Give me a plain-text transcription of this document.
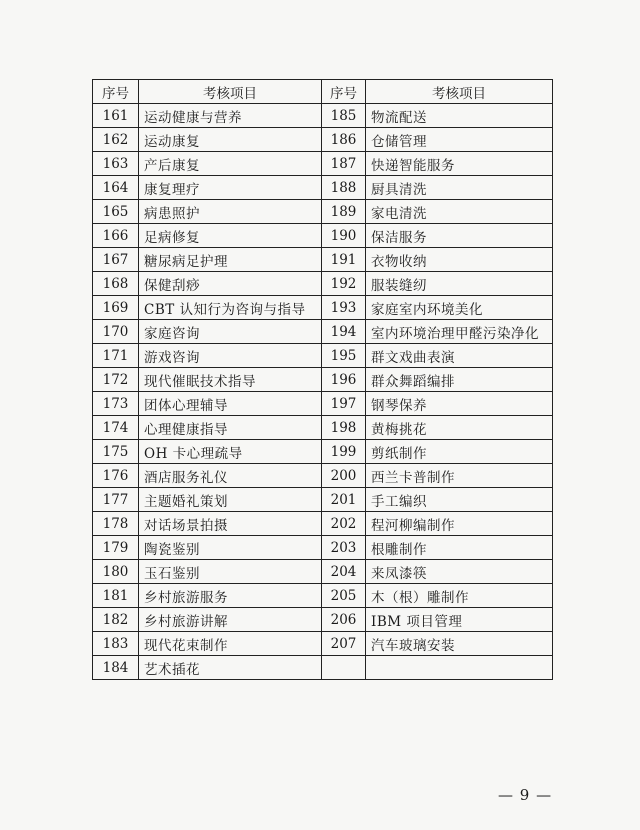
序号	考核项目	序号	考核项目
161	运动健康与营养	185	物流配送
162	运动康复	186	仓储管理
163	产后康复	187	快递智能服务
164	康复理疗	188	厨具清洗
165	病患照护	189	家电清洗
166	足病修复	190	保洁服务
167	糖尿病足护理	191	衣物收纳
168	保健刮痧	192	服装缝纫
169	CBT 认知行为咨询与指导	193	家庭室内环境美化
170	家庭咨询	194	室内环境治理甲醛污染净化
171	游戏咨询	195	群文戏曲表演
172	现代催眠技术指导	196	群众舞蹈编排
173	团体心理辅导	197	钢琴保养
174	心理健康指导	198	黄梅挑花
175	OH 卡心理疏导	199	剪纸制作
176	酒店服务礼仪	200	西兰卡普制作
177	主题婚礼策划	201	手工编织
178	对话场景拍摄	202	程河柳编制作
179	陶瓷鉴别	203	根雕制作
180	玉石鉴别	204	来凤漆筷
181	乡村旅游服务	205	木（根）雕制作
182	乡村旅游讲解	206	IBM 项目管理
183	现代花束制作	207	汽车玻璃安装
184	艺术插花		
— 9 —
